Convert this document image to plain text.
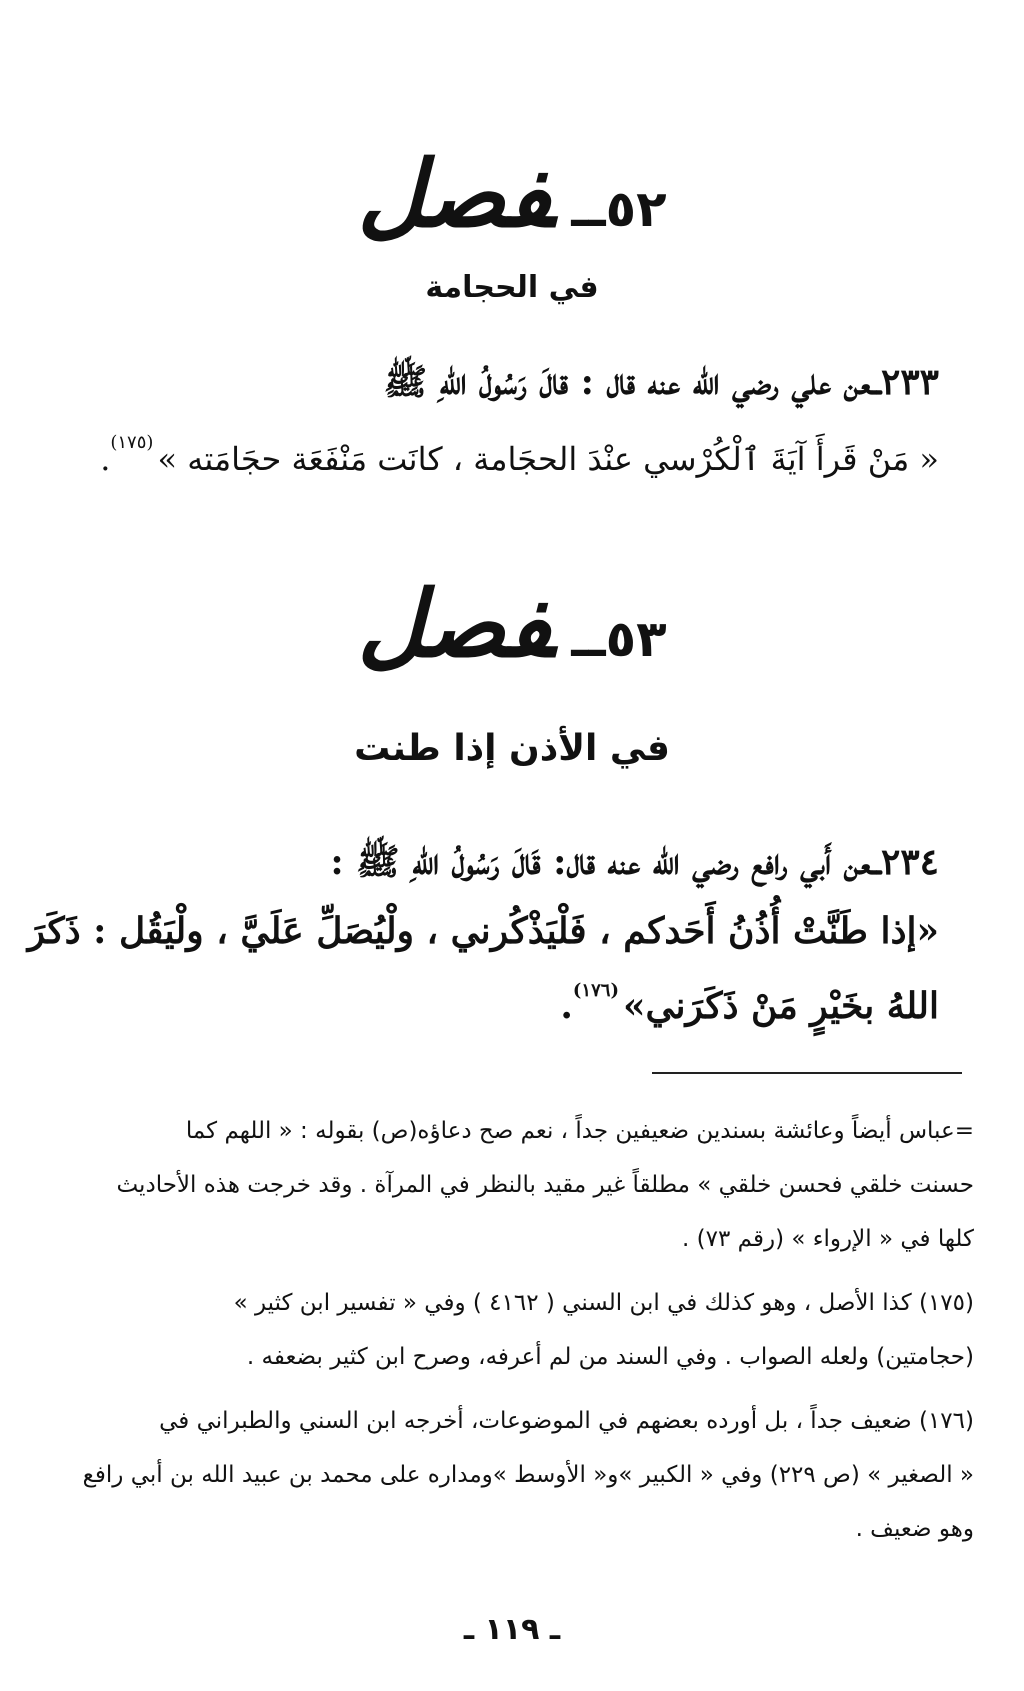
٥٢ــفصل
في الحجامة
٢٣٣ــعن علي رضي الله عنه قال : قالَ رَسُولُ اللهِ ﷺ
« مَنْ قَرأَ آيَةَ ٱلْكُرْسي عنْدَ الحجَامة ، كانَت مَنْفَعَة حجَامَته »$^{(١٧٥)}$.
٥٣ــفصل
في الأذن إذا طنت
٢٣٤ــعن أَبي رافع رضي الله عنه قال: قَالَ رَسُولُ اللهِ ﷺ :
«إذا طَنَّتْ أُذُنُ أَحَدكم ، فَلْيَذْكُرني ، ولْيُصَلِّ عَلَيَّ ، ولْيَقُل : ذَكَرَ
اللهُ بخَيْرٍ مَنْ ذَكَرَني»$^{(١٧٦)}$.
=عباس أيضاً وعائشة بسندين ضعيفين جداً ، نعم صح دعاؤه(ص) بقوله : « اللهم كما
حسنت خلقي فحسن خلقي » مطلقاً غير مقيد بالنظر في المرآة . وقد خرجت هذه الأحاديث
كلها في « الإرواء » (رقم ٧٣) .
(١٧٥) كذا الأصل ، وهو كذلك في ابن السني ( ٤١٦٢ ) وفي « تفسير ابن كثير »
(حجامتين) ولعله الصواب . وفي السند من لم أعرفه، وصرح ابن كثير بضعفه .
(١٧٦) ضعيف جداً ، بل أورده بعضهم في الموضوعات، أخرجه ابن السني والطبراني في
« الصغير » (ص ٢٢٩) وفي « الكبير »و« الأوسط »ومداره على محمد بن عبيد الله بن أبي رافع
وهو ضعيف .
ـ ١١٩ ـ
